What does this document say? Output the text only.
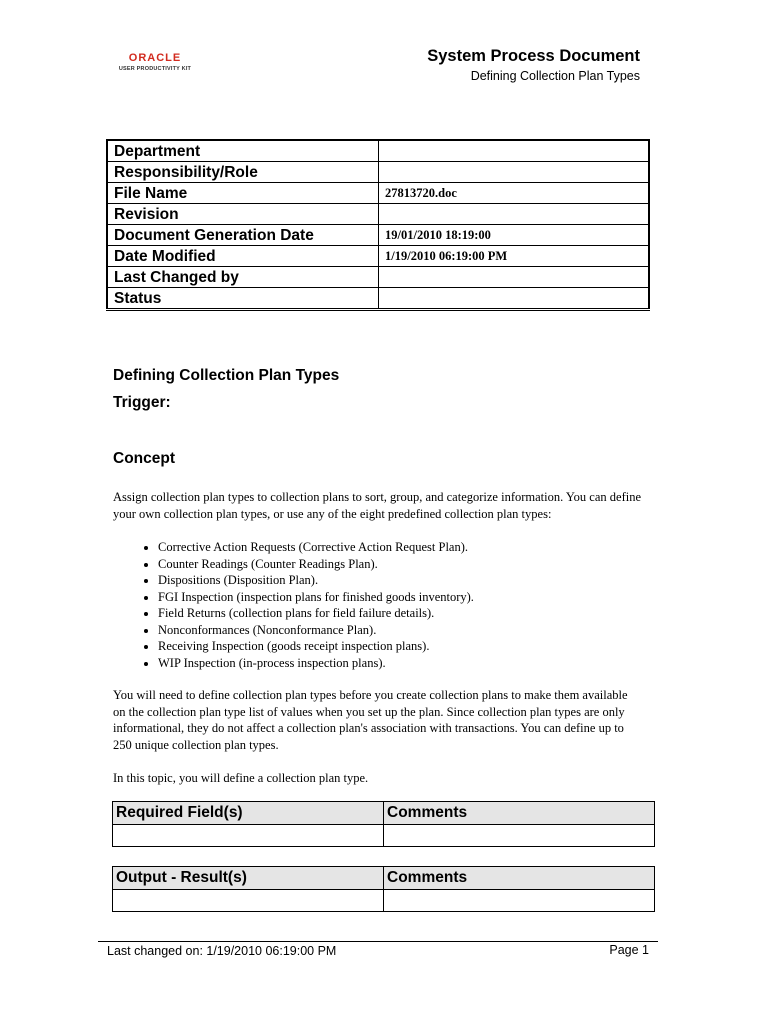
ORACLE
USER PRODUCTIVITY KIT
System Process Document
Defining Collection Plan Types
Department	
Responsibility/Role	
File Name	27813720.doc
Revision	
Document Generation Date	19/01/2010 18:19:00
Date Modified	1/19/2010 06:19:00 PM
Last Changed by	
Status	
Defining Collection Plan Types
Trigger:
Concept

Assign collection plan types to collection plans to sort, group, and categorize information. You can define your own collection plan types, or use any of the eight predefined collection plan types:

• Corrective Action Requests (Corrective Action Request Plan).
• Counter Readings (Counter Readings Plan).
• Dispositions (Disposition Plan).
• FGI Inspection (inspection plans for finished goods inventory).
• Field Returns (collection plans for field failure details).
• Nonconformances (Nonconformance Plan).
• Receiving Inspection (goods receipt inspection plans).
• WIP Inspection (in-process inspection plans).

You will need to define collection plan types before you create collection plans to make them available on the collection plan type list of values when you set up the plan. Since collection plan types are only informational, they do not affect a collection plan's association with transactions. You can define up to 250 unique collection plan types.

In this topic, you will define a collection plan type.

Required Field(s)	Comments

Output - Result(s)	Comments

Last changed on: 1/19/2010 06:19:00 PM	Page 1
